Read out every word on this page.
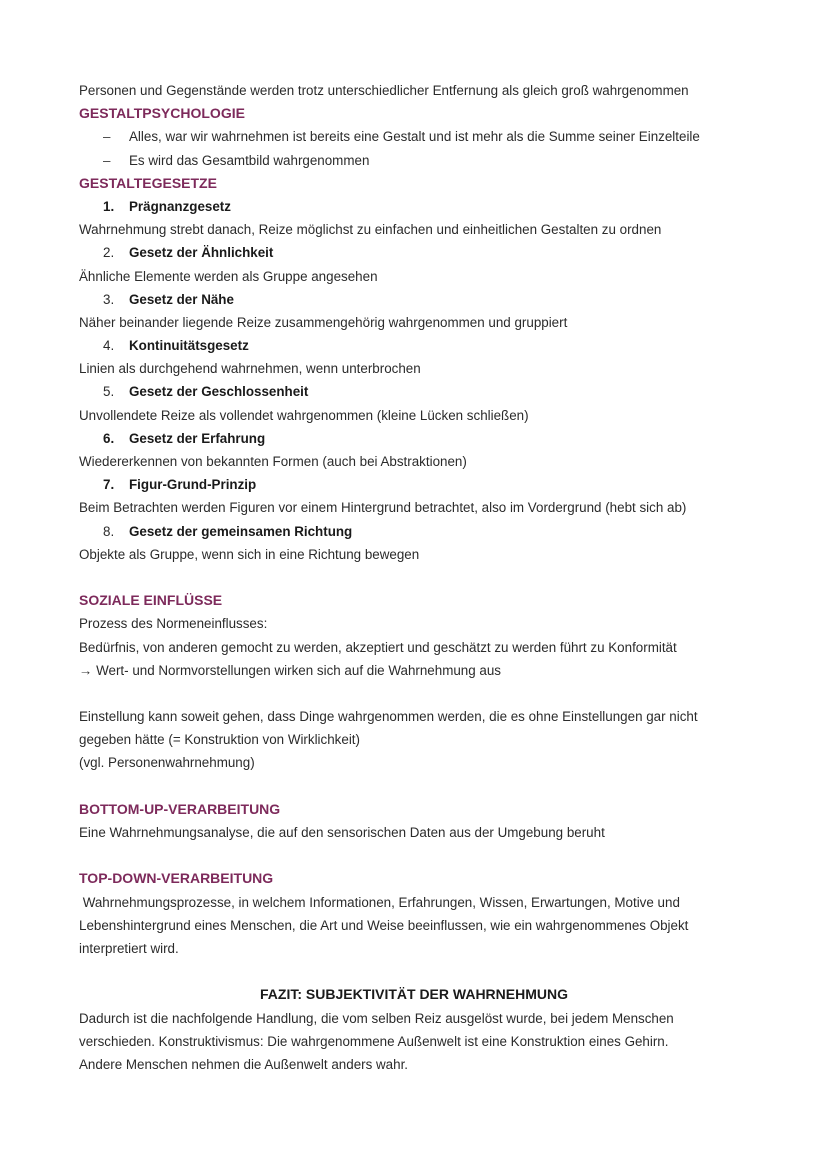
Personen und Gegenstände werden trotz unterschiedlicher Entfernung als gleich groß wahrgenommen
GESTALTPSYCHOLOGIE
– Alles, war wir wahrnehmen ist bereits eine Gestalt und ist mehr als die Summe seiner Einzelteile
– Es wird das Gesamtbild wahrgenommen
GESTALTEGESETZE
1. Prägnanzgesetz
Wahrnehmung strebt danach, Reize möglichst zu einfachen und einheitlichen Gestalten zu ordnen
2. Gesetz der Ähnlichkeit
Ähnliche Elemente werden als Gruppe angesehen
3. Gesetz der Nähe
Näher beinander liegende Reize zusammengehörig wahrgenommen und gruppiert
4. Kontinuitätsgesetz
Linien als durchgehend wahrnehmen, wenn unterbrochen
5. Gesetz der Geschlossenheit
Unvollendete Reize als vollendet wahrgenommen (kleine Lücken schließen)
6. Gesetz der Erfahrung
Wiedererkennen von bekannten Formen (auch bei Abstraktionen)
7. Figur-Grund-Prinzip
Beim Betrachten werden Figuren vor einem Hintergrund betrachtet, also im Vordergrund (hebt sich ab)
8. Gesetz der gemeinsamen Richtung
Objekte als Gruppe, wenn sich in eine Richtung bewegen
SOZIALE EINFLÜSSE
Prozess des Normeneinflusses:
Bedürfnis, von anderen gemocht zu werden, akzeptiert und geschätzt zu werden führt zu Konformität
→ Wert- und Normvorstellungen wirken sich auf die Wahrnehmung aus
Einstellung kann soweit gehen, dass Dinge wahrgenommen werden, die es ohne Einstellungen gar nicht
gegeben hätte (= Konstruktion von Wirklichkeit)
(vgl. Personenwahrnehmung)
BOTTOM-UP-VERARBEITUNG
Eine Wahrnehmungsanalyse, die auf den sensorischen Daten aus der Umgebung beruht
TOP-DOWN-VERARBEITUNG
Wahrnehmungsprozesse, in welchem Informationen, Erfahrungen, Wissen, Erwartungen, Motive und
Lebenshintergrund eines Menschen, die Art und Weise beeinflussen, wie ein wahrgenommenes Objekt
interpretiert wird.
FAZIT: SUBJEKTIVITÄT DER WAHRNEHMUNG
Dadurch ist die nachfolgende Handlung, die vom selben Reiz ausgelöst wurde, bei jedem Menschen
verschieden. Konstruktivismus: Die wahrgenommene Außenwelt ist eine Konstruktion eines Gehirn.
Andere Menschen nehmen die Außenwelt anders wahr.
